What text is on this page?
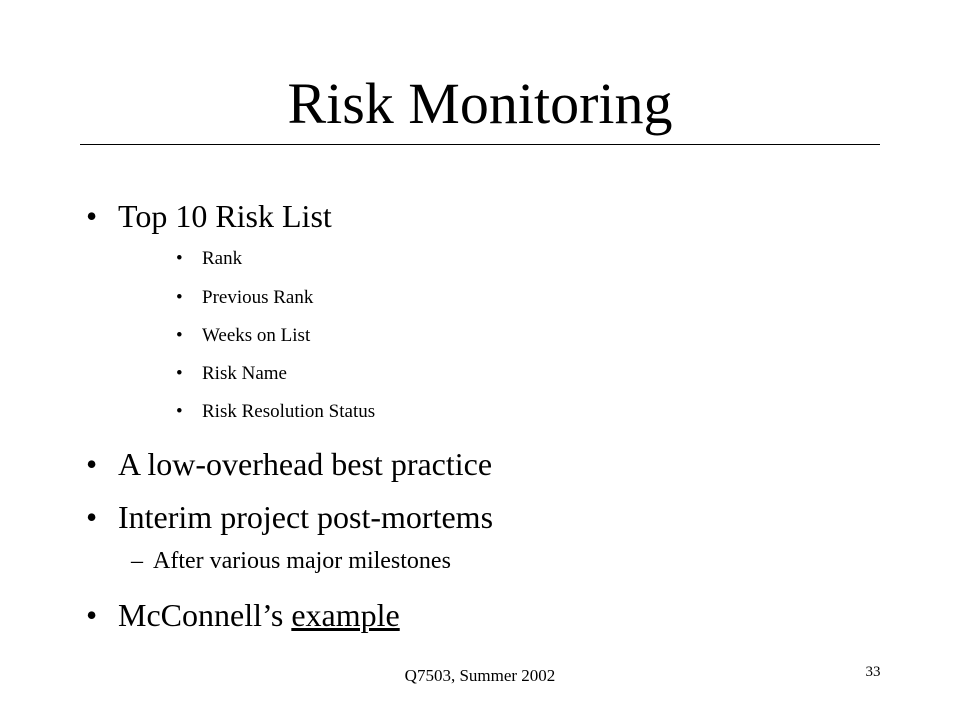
Risk Monitoring
• Top 10 Risk List
• Rank
• Previous Rank
• Weeks on List
• Risk Name
• Risk Resolution Status
• A low-overhead best practice
• Interim project post-mortems
– After various major milestones
• McConnell’s example
Q7503, Summer 2002	33
